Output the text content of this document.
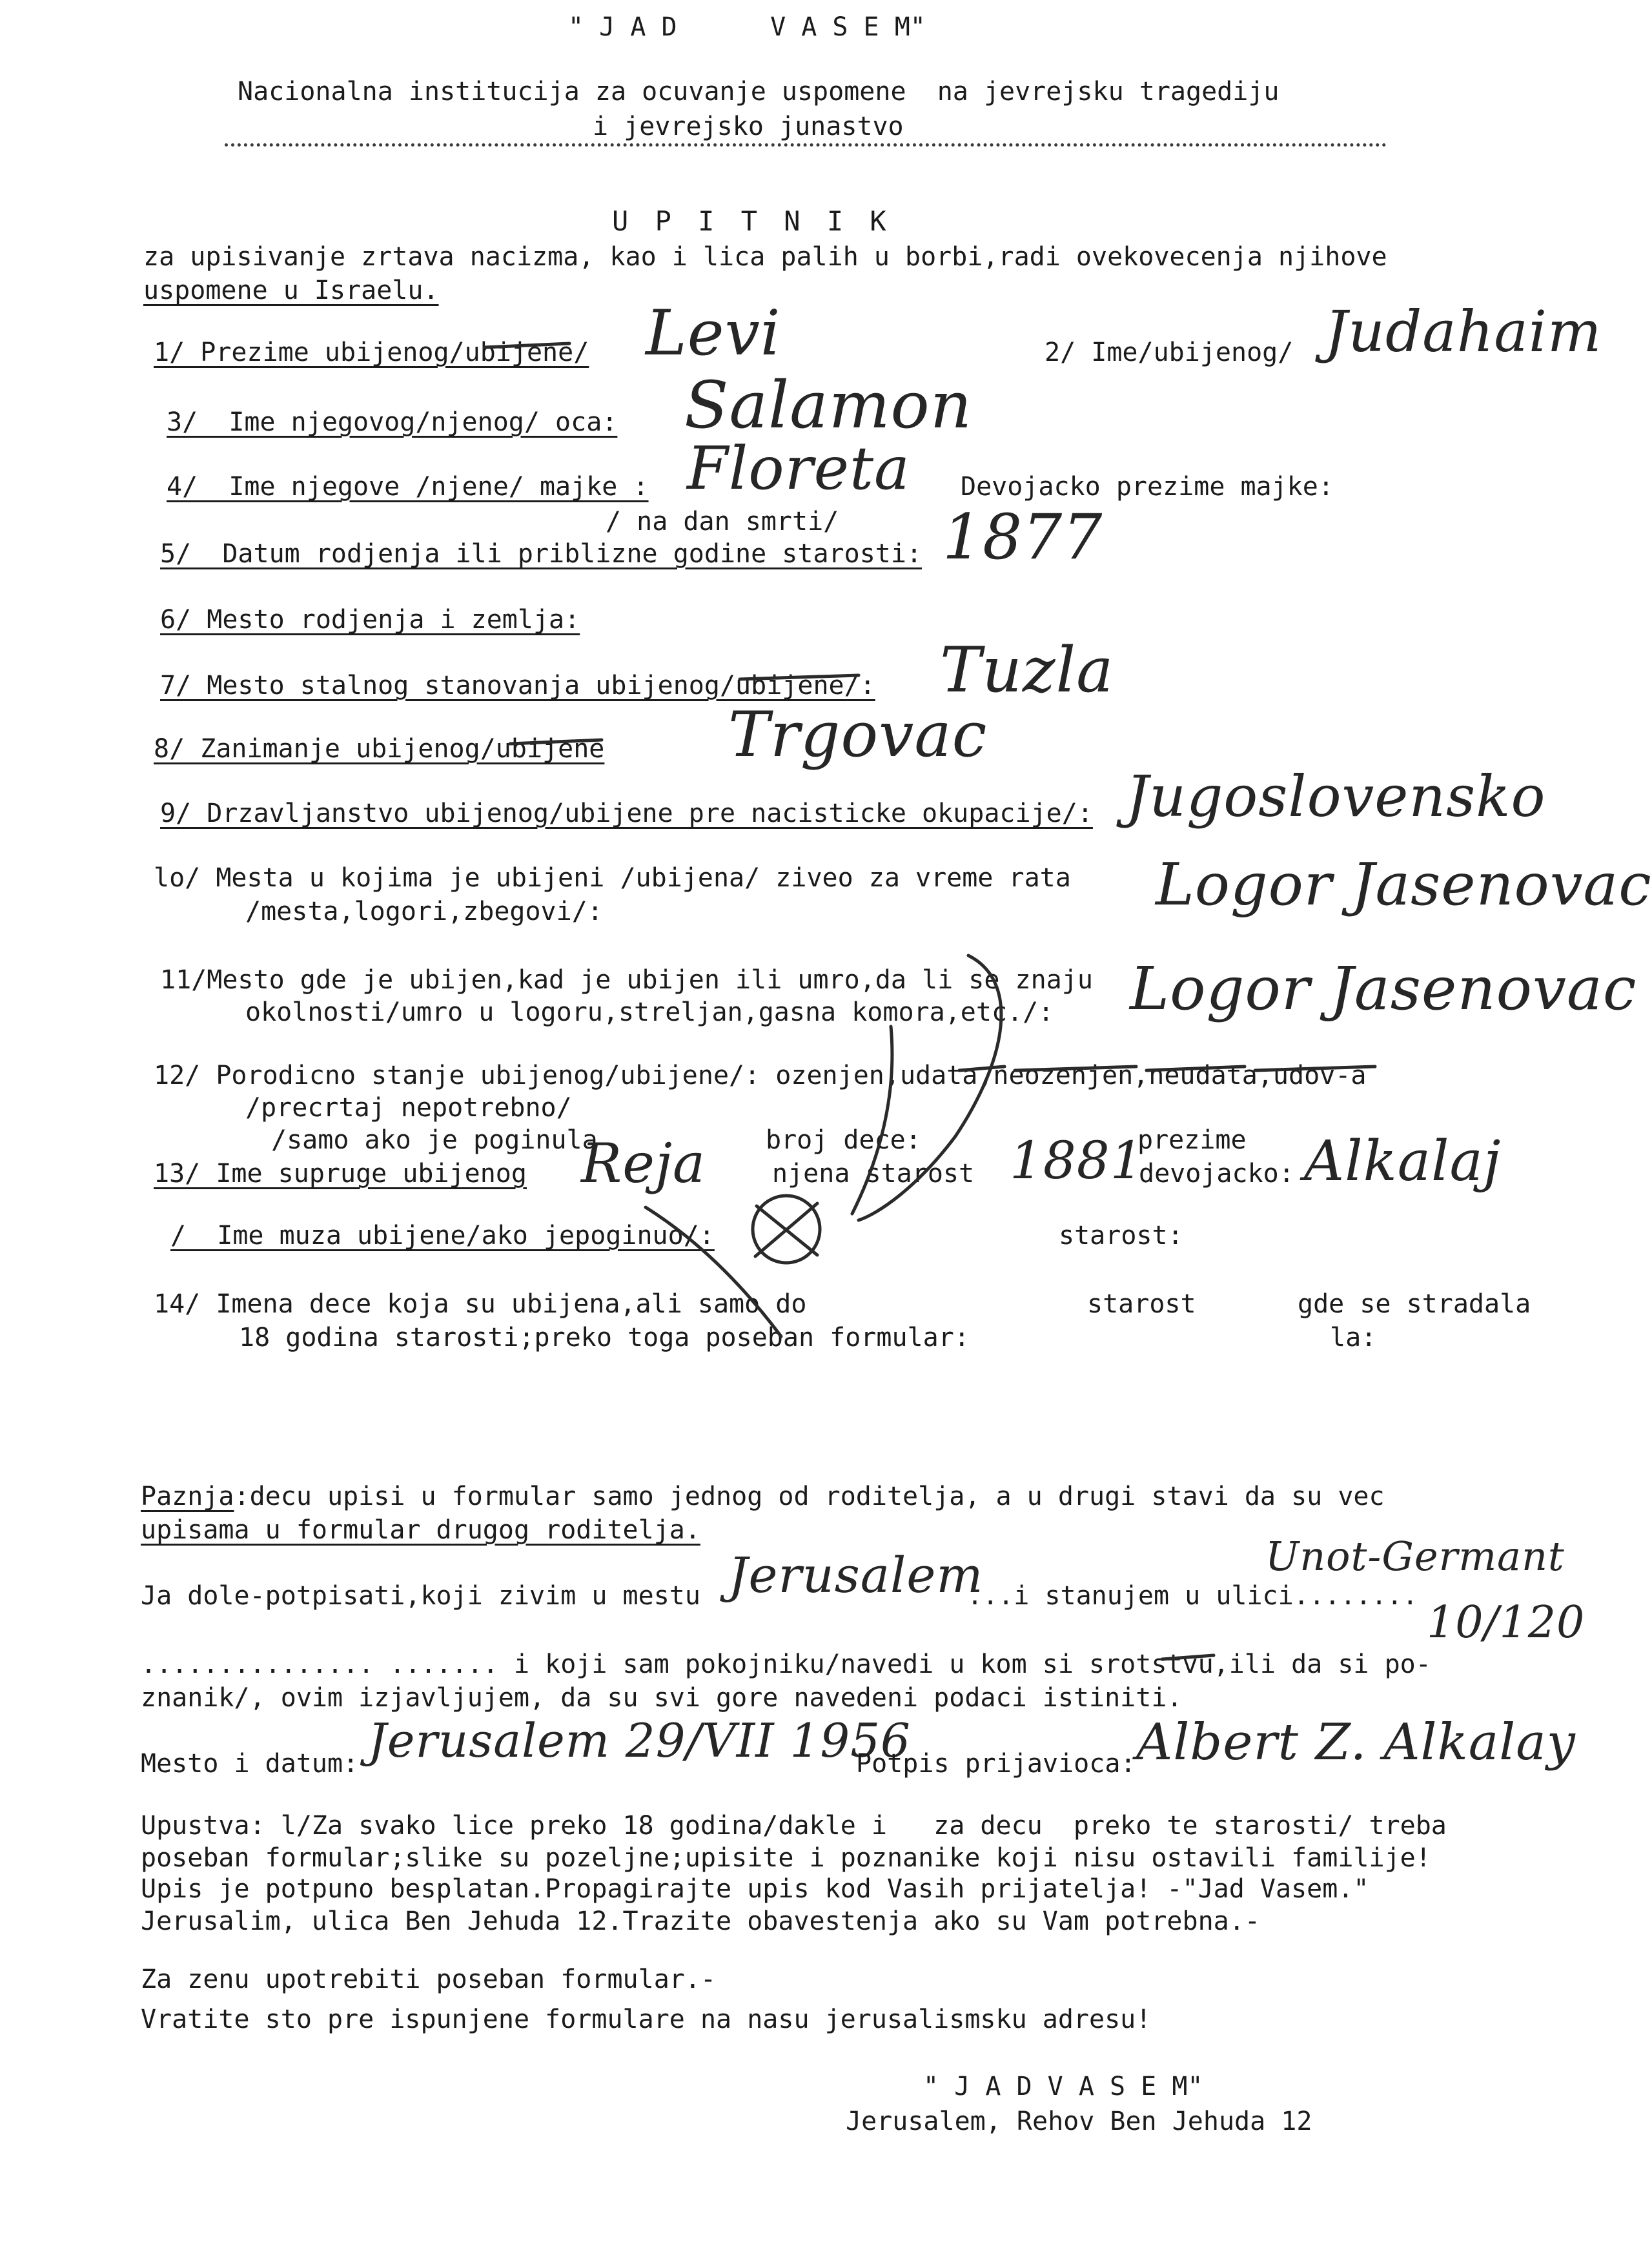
" J A D      V A S E M"
Nacionalna institucija za ocuvanje uspomene  na jevrejsku tragediju
i jevrejsko junastvo
U P I T N I K
za upisivanje zrtava nacizma, kao i lica palih u borbi,radi ovekovecenja njihove
uspomene u Israelu.
1/ Prezime ubijenog/ubijene/ Levi	2/ Ime/ubijenog/ Judahaim
3/  Ime njegovog/njenog/ oca: Salamon
4/  Ime njegove /njene/ majke : Floreta Devojacko prezime majke:
/ na dan smrti/
5/  Datum rodjenja ili priblizne godine starosti: 1877
6/ Mesto rodjenja i zemlja:
7/ Mesto stalnog stanovanja ubijenog/ubijene/: Tuzla
8/ Zanimanje ubijenog/ubijene Trgovac
9/ Drzavljanstvo ubijenog/ubijene pre nacisticke okupacije/: Jugoslovensko
lo/ Mesta u kojima je ubijeni /ubijena/ ziveo za vreme rata
/mesta,logori,zbegovi/:	Logor Jasenovac
11/Mesto gde je ubijen,kad je ubijen ili umro,da li se znaju
okolnosti/umro u logoru,streljan,gasna komora,etc./: Logor Jasenovac
12/ Porodicno stanje ubijenog/ubijene/: ozenjen,udata,neozenjen,neudata,udov-a
/precrtaj nepotrebno/
/samo ako je poginula	broj dece:	prezime
13/ Ime supruge ubijenog Reja	njena starost 1881
devojacko: Alkalaj
/  Ime muza ubijene/ako jepoginuo/:	starost:
14/ Imena dece koja su ubijena,ali samo do	starost	gde se stradala
18 godina starosti;preko toga poseban formular:	la:
Paznja:decu upisi u formular samo jednog od roditelja, a u drugi stavi da su vec
upisama u formular drugog roditelja.
Ja dole-potpisati,koji zivim u mestu Jerusalem
...i stanujem u ulici........
Unot-Germant
10/120
............... ....... i koji sam pokojniku/navedi u kom si srotstvu,ili da si po-
znanik/, ovim izjavljujem, da su svi gore navedeni podaci istiniti.
Mesto i datum: Jerusalem 29/VII 1956
Potpis prijavioca: Albert Z. Alkalay
Upustva: l/Za svako lice preko 18 godina/dakle i   za decu  preko te starosti/ treba
poseban formular;slike su pozeljne;upisite i poznanike koji nisu ostavili familije!
Upis je potpuno besplatan.Propagirajte upis kod Vasih prijatelja! -"Jad Vasem."
Jerusalim, ulica Ben Jehuda 12.Trazite obavestenja ako su Vam potrebna.-
Za zenu upotrebiti poseban formular.-
Vratite sto pre ispunjene formulare na nasu jerusalismsku adresu!
" J A D V A S E M"
Jerusalem, Rehov Ben Jehuda 12
